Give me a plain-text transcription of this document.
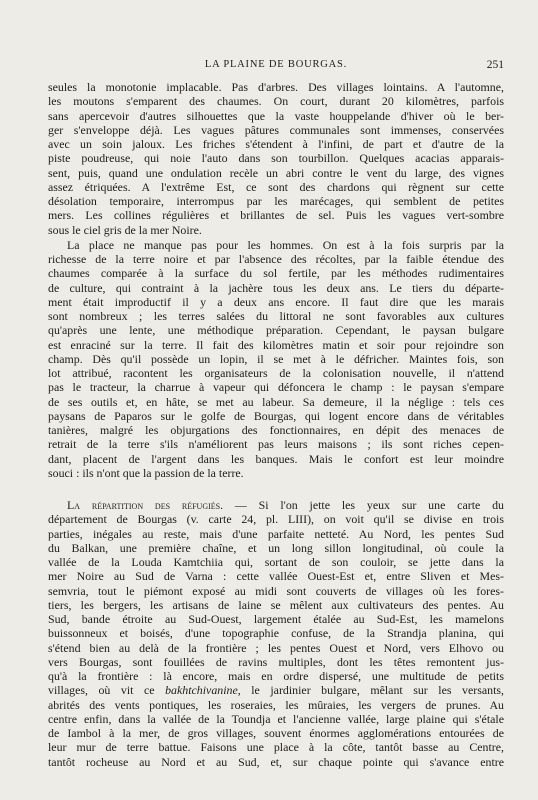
LA PLAINE DE BOURGAS.	251
seules la monotonie implacable. Pas d'arbres. Des villages lointains. A l'automne,
les moutons s'emparent des chaumes. On court, durant 20 kilomètres, parfois
sans apercevoir d'autres silhouettes que la vaste houppelande d'hiver où le ber-
ger s'enveloppe déjà. Les vagues pâtures communales sont immenses, conservées
avec un soin jaloux. Les friches s'étendent à l'infini, de part et d'autre de la
piste poudreuse, qui noie l'auto dans son tourbillon. Quelques acacias apparais-
sent, puis, quand une ondulation recèle un abri contre le vent du large, des vignes
assez étriquées. A l'extrême Est, ce sont des chardons qui règnent sur cette
désolation temporaire, interrompus par les marécages, qui semblent de petites
mers. Les collines régulières et brillantes de sel. Puis les vagues vert-sombre
sous le ciel gris de la mer Noire.
La place ne manque pas pour les hommes. On est à la fois surpris par la
richesse de la terre noire et par l'absence des récoltes, par la faible étendue des
chaumes comparée à la surface du sol fertile, par les méthodes rudimentaires
de culture, qui contraint à la jachère tous les deux ans. Le tiers du départe-
ment était improductif il y a deux ans encore. Il faut dire que les marais
sont nombreux ; les terres salées du littoral ne sont favorables aux cultures
qu'après une lente, une méthodique préparation. Cependant, le paysan bulgare
est enraciné sur la terre. Il fait des kilomètres matin et soir pour rejoindre son
champ. Dès qu'il possède un lopin, il se met à le défricher. Maintes fois, son
lot attribué, racontent les organisateurs de la colonisation nouvelle, il n'attend
pas le tracteur, la charrue à vapeur qui défoncera le champ : le paysan s'empare
de ses outils et, en hâte, se met au labeur. Sa demeure, il la néglige : tels ces
paysans de Paparos sur le golfe de Bourgas, qui logent encore dans de véritables
tanières, malgré les objurgations des fonctionnaires, en dépit des menaces de
retrait de la terre s'ils n'améliorent pas leurs maisons ; ils sont riches cepen-
dant, placent de l'argent dans les banques. Mais le confort est leur moindre
souci : ils n'ont que la passion de la terre.
La répartition des réfugiés. — Si l'on jette les yeux sur une carte du
département de Bourgas (v. carte 24, pl. LIII), on voit qu'il se divise en trois
parties, inégales au reste, mais d'une parfaite netteté. Au Nord, les pentes Sud
du Balkan, une première chaîne, et un long sillon longitudinal, où coule la
vallée de la Louda Kamtchiia qui, sortant de son couloir, se jette dans la
mer Noire au Sud de Varna : cette vallée Ouest-Est et, entre Sliven et Mes-
semvria, tout le piémont exposé au midi sont couverts de villages où les fores-
tiers, les bergers, les artisans de laine se mêlent aux cultivateurs des pentes. Au
Sud, bande étroite au Sud-Ouest, largement étalée au Sud-Est, les mamelons
buissonneux et boisés, d'une topographie confuse, de la Strandja planina, qui
s'étend bien au delà de la frontière ; les pentes Ouest et Nord, vers Elhovo ou
vers Bourgas, sont fouillées de ravins multiples, dont les têtes remontent jus-
qu'à la frontière : là encore, mais en ordre dispersé, une multitude de petits
villages, où vit ce bakhtchivanine, le jardinier bulgare, mêlant sur les versants,
abrités des vents pontiques, les roseraies, les mûraies, les vergers de prunes. Au
centre enfin, dans la vallée de la Toundja et l'ancienne vallée, large plaine qui s'étale
de Iambol à la mer, de gros villages, souvent énormes agglomérations entourées de
leur mur de terre battue. Faisons une place à la côte, tantôt basse au Centre,
tantôt rocheuse au Nord et au Sud, et, sur chaque pointe qui s'avance entre
